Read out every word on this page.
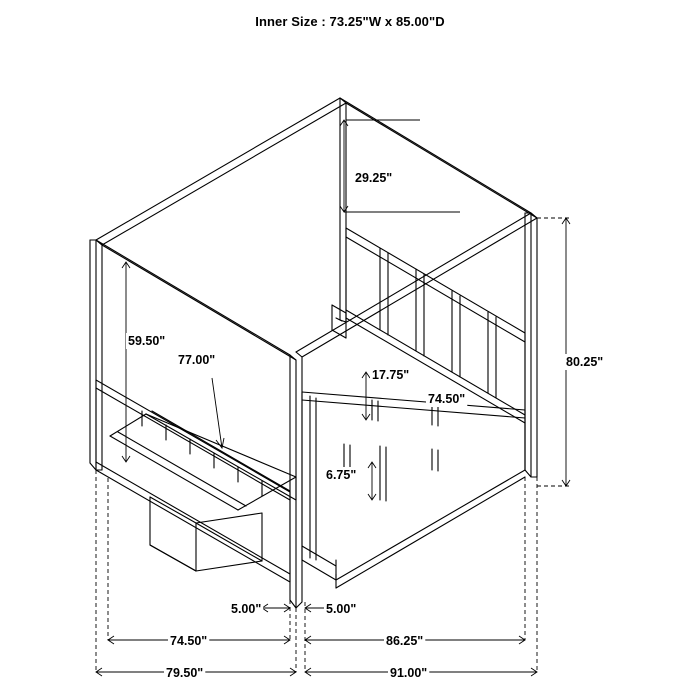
Inner Size : 73.25"W x 85.00"D
29.25"
59.50"
77.00"	80.25"
17.75"
74.50"
6.75"
5.00"	5.00"
74.50"	86.25"
79.50"	91.00"
